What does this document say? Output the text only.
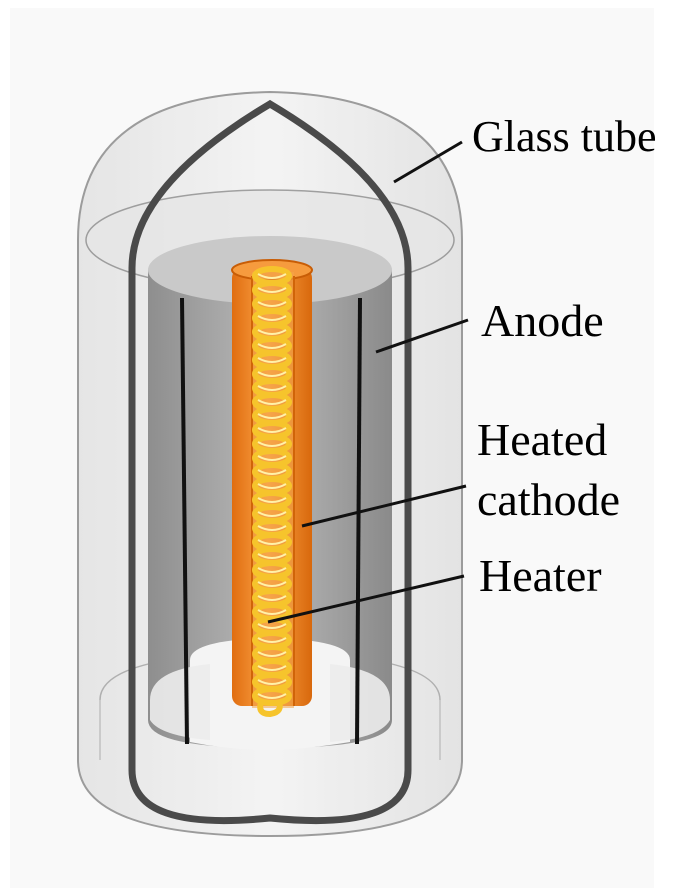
Glass tube
Anode
Heated
cathode
Heater
